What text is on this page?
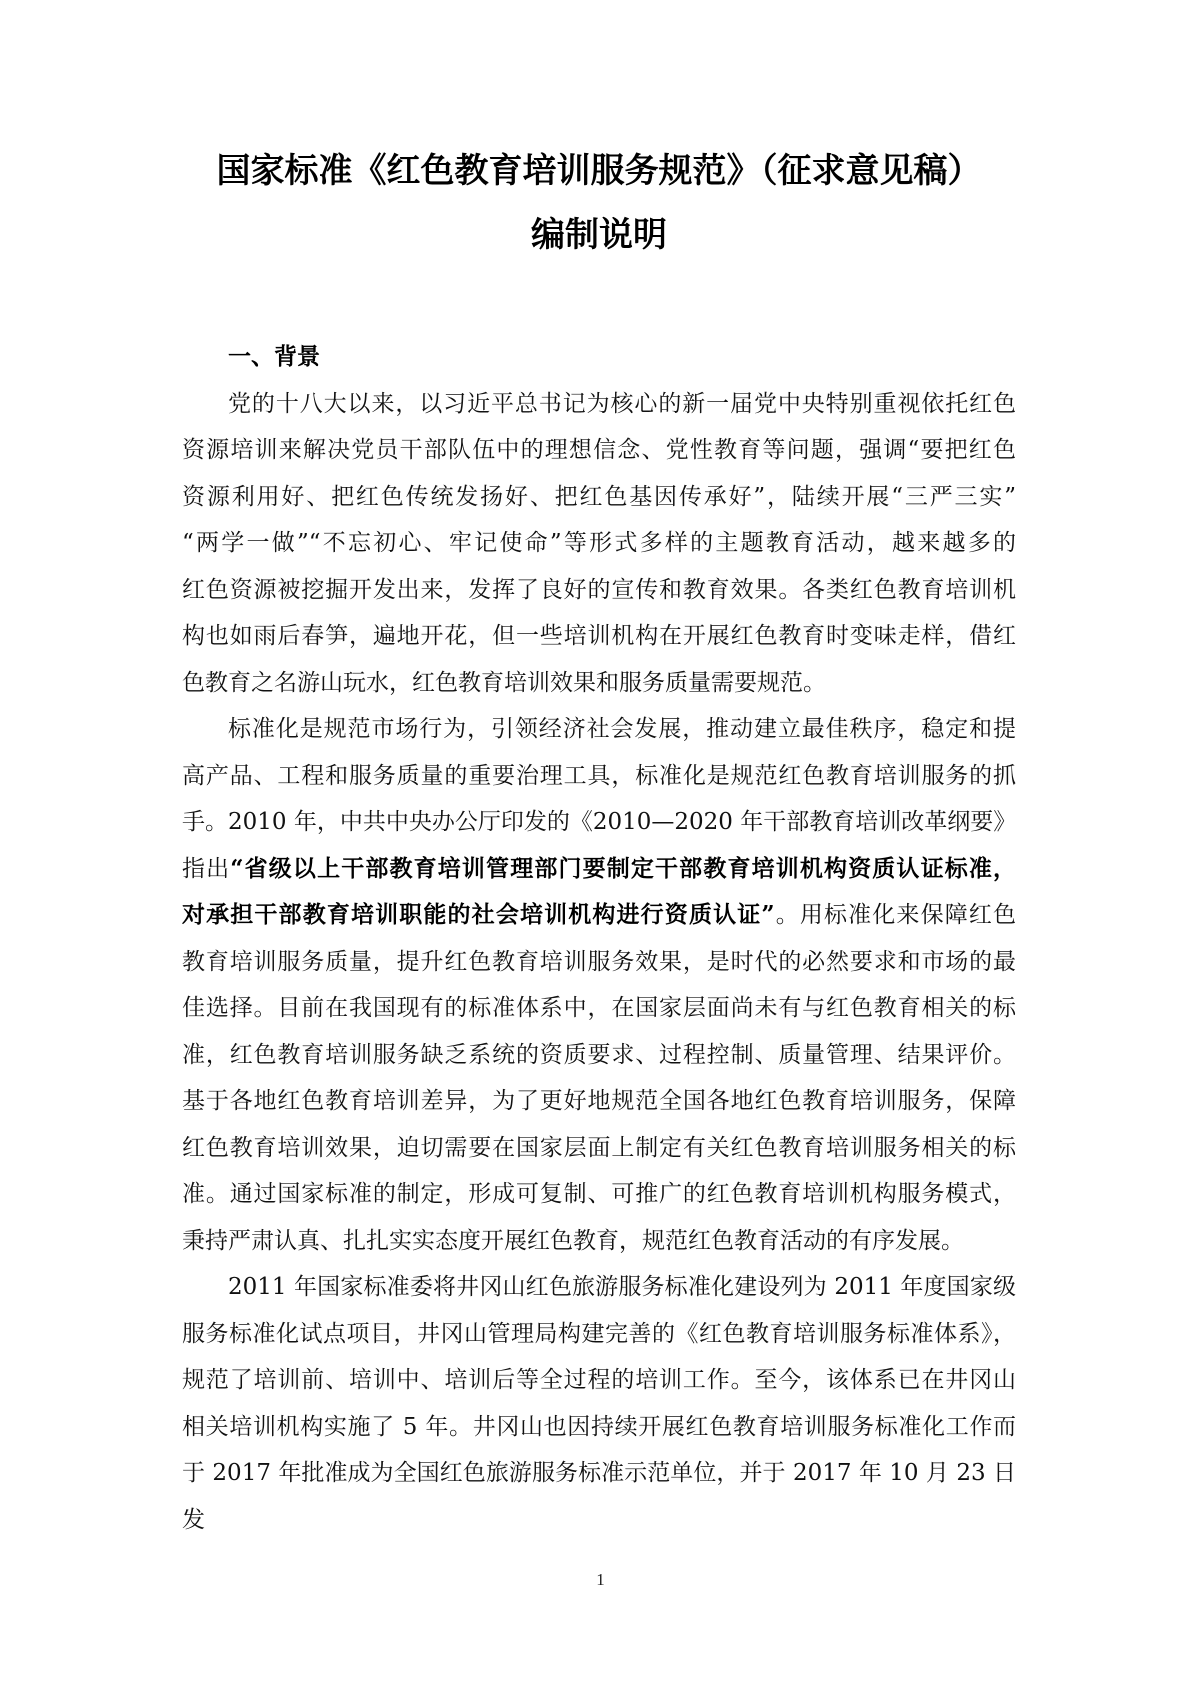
国家标准《红色教育培训服务规范》（征求意见稿）
编制说明
一、背景
党的十八大以来，以习近平总书记为核心的新一届党中央特别重视依托红色
资源培训来解决党员干部队伍中的理想信念、党性教育等问题，强调“要把红色
资源利用好、把红色传统发扬好、把红色基因传承好”，陆续开展“三严三实”
“两学一做”“不忘初心、牢记使命”等形式多样的主题教育活动，越来越多的
红色资源被挖掘开发出来，发挥了良好的宣传和教育效果。各类红色教育培训机
构也如雨后春笋，遍地开花，但一些培训机构在开展红色教育时变味走样，借红
色教育之名游山玩水，红色教育培训效果和服务质量需要规范。
标准化是规范市场行为，引领经济社会发展，推动建立最佳秩序，稳定和提
高产品、工程和服务质量的重要治理工具，标准化是规范红色教育培训服务的抓
手。2010 年，中共中央办公厅印发的《2010—2020 年干部教育培训改革纲要》
指出“省级以上干部教育培训管理部门要制定干部教育培训机构资质认证标准，
对承担干部教育培训职能的社会培训机构进行资质认证”。用标准化来保障红色
教育培训服务质量，提升红色教育培训服务效果，是时代的必然要求和市场的最
佳选择。目前在我国现有的标准体系中，在国家层面尚未有与红色教育相关的标
准，红色教育培训服务缺乏系统的资质要求、过程控制、质量管理、结果评价。
基于各地红色教育培训差异，为了更好地规范全国各地红色教育培训服务，保障
红色教育培训效果，迫切需要在国家层面上制定有关红色教育培训服务相关的标
准。通过国家标准的制定，形成可复制、可推广的红色教育培训机构服务模式，
秉持严肃认真、扎扎实实态度开展红色教育，规范红色教育活动的有序发展。
2011 年国家标准委将井冈山红色旅游服务标准化建设列为 2011 年度国家级
服务标准化试点项目，井冈山管理局构建完善的《红色教育培训服务标准体系》，
规范了培训前、培训中、培训后等全过程的培训工作。至今，该体系已在井冈山
相关培训机构实施了 5 年。井冈山也因持续开展红色教育培训服务标准化工作而
于 2017 年批准成为全国红色旅游服务标准示范单位，并于 2017 年 10 月 23 日发
1
